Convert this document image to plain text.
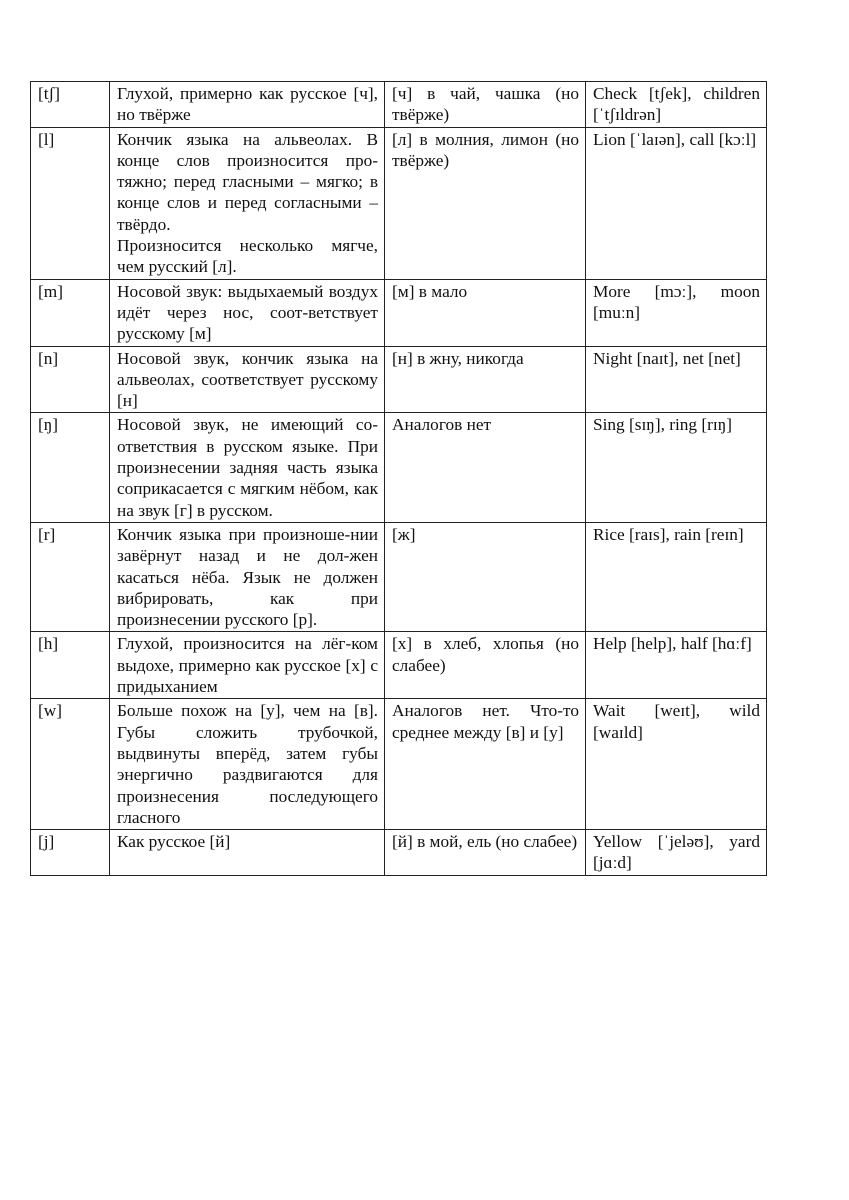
[tʃ]	Глухой, примерно как русское [ч], но твёрже	[ч] в чай, чашка (но твёрже)	Check [tʃek], children [ˈtʃɪldrən]
[l]	Кончик языка на альвеолах. В конце слов произносится про-тяжно; перед гласными – мягко; в конце слов и перед согласными – твёрдо.
Произносится несколько мягче, чем русский [л].	[л] в молния, лимон (но твёрже)	Lion [ˈlaɪən], call [kɔːl]
[m]	Носовой звук: выдыхаемый воздух идёт через нос, соот-ветствует русскому [м]	[м] в мало	More [mɔː], moon [muːn]
[n]	Носовой звук, кончик языка на альвеолах, соответствует русскому [н]	[н] в жну, никогда	Night [naɪt], net [net]
[ŋ]	Носовой звук, не имеющий со-ответствия в русском языке. При произнесении задняя часть языка соприкасается с мягким нёбом, как на звук [г] в русском.	Аналогов нет	Sing [sɪŋ], ring [rɪŋ]
[r]	Кончик языка при произноше-нии завёрнут назад и не дол-жен касаться нёба. Язык не должен вибрировать, как при произнесении русского [р].	[ж]	Rice [raɪs], rain [reɪn]
[h]	Глухой, произносится на лёг-ком выдохе, примерно как русское [х] с придыханием	[х] в хлеб, хлопья (но слабее)	Help [help], half [hɑːf]
[w]	Больше похож на [у], чем на [в]. Губы сложить трубочкой, выдвинуты вперёд, затем губы энергично раздвигаются для произнесения последующего гласного	Аналогов нет. Что-то среднее между [в] и [у]	Wait [weɪt], wild [waɪld]
[j]	Как русское [й]	[й] в мой, ель (но слабее)	Yellow [ˈjeləʊ], yard [jɑːd]
